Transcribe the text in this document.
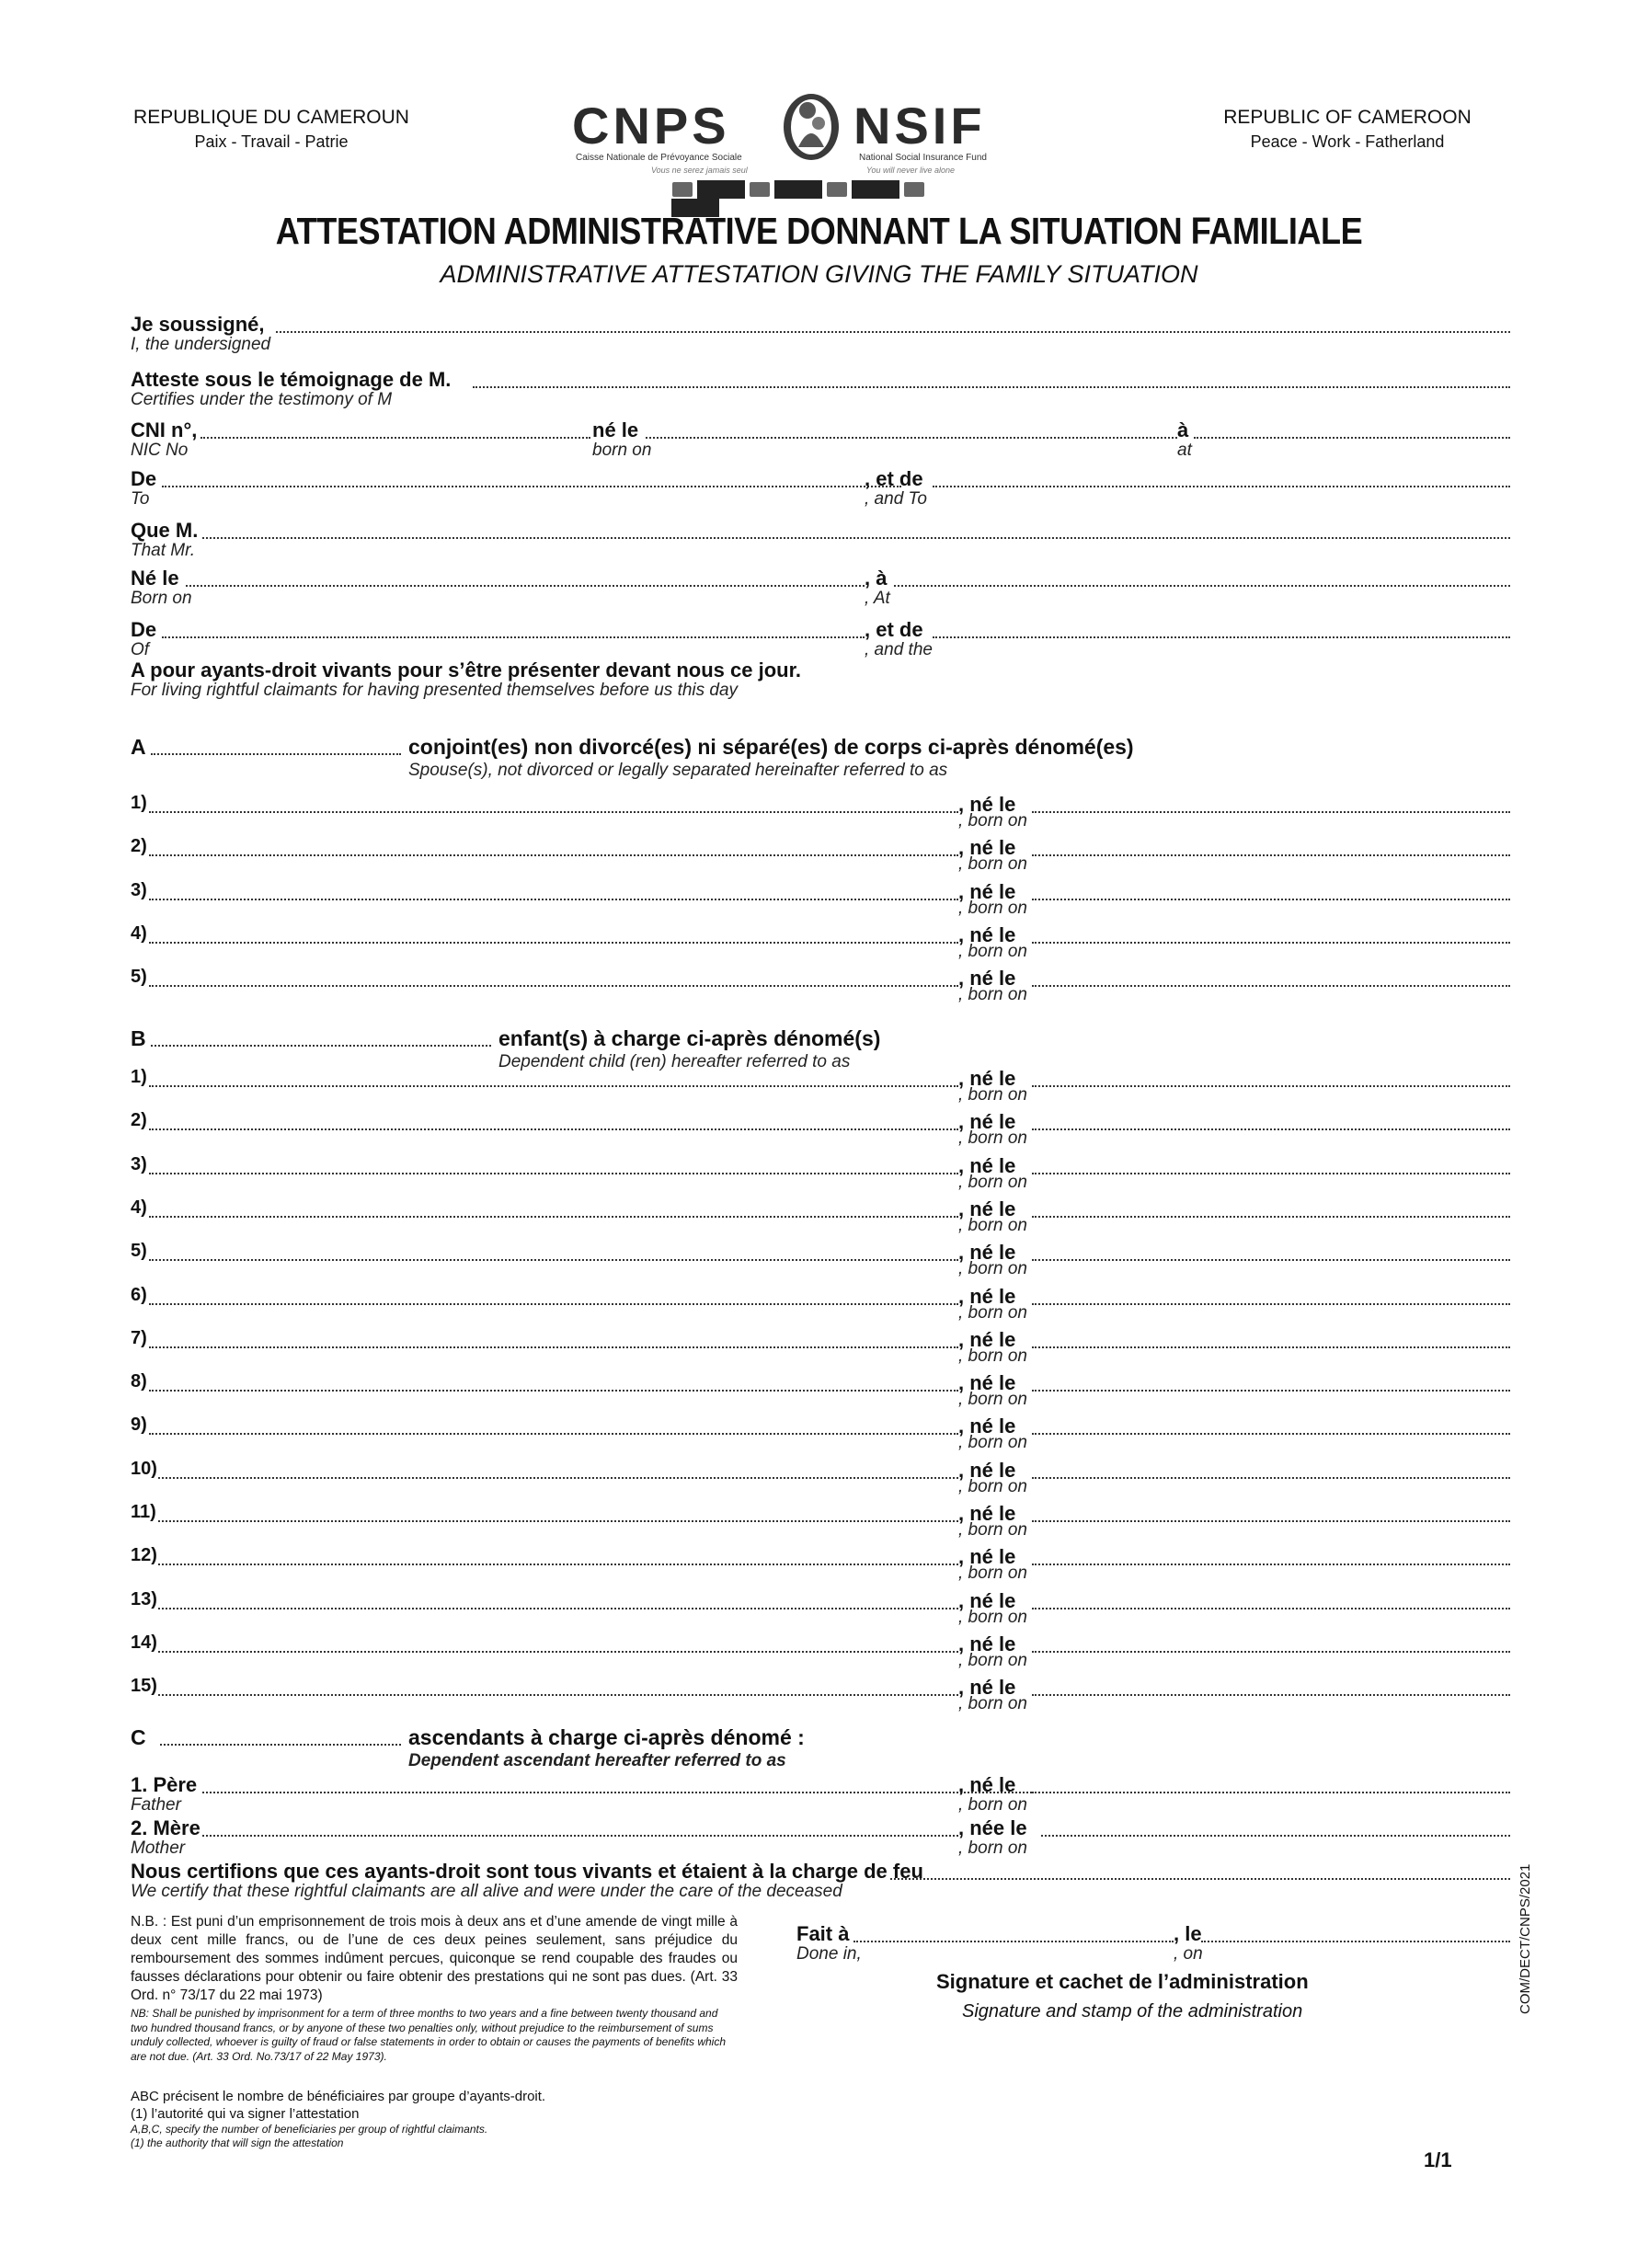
REPUBLIQUE DU CAMEROUN
Paix - Travail - Patrie
REPUBLIC OF CAMEROON
Peace - Work - Fatherland
CNPS NSIF
Caisse Nationale de Prévoyance Sociale	National Social Insurance Fund
Vous ne serez jamais seul	You will never live alone
ATTESTATION ADMINISTRATIVE DONNANT LA SITUATION FAMILIALE
ADMINISTRATIVE ATTESTATION GIVING THE FAMILY SITUATION
Je soussigné,
I, the undersigned
Atteste sous le témoignage de M.
Certifies under the testimony of M
CNI n°,	né le	à
NIC No	born on	at
De	, et de
To	, and To
Que M.
That Mr.
Né le	, à
Born on	, At
De	, et de
Of	, and the
A pour ayants-droit vivants pour s’être présenter devant nous ce jour.
For living rightful claimants for having presented themselves before us this day
1)	, né le
, born on
2)	, né le
, born on
3)	, né le
, born on
4)	, né le
, born on
5)	, né le
, born on
1)	, né le
, born on
2)	, né le
, born on
3)	, né le
, born on
4)	, né le
, born on
5)	, né le
, born on
6)	, né le
, born on
7)	, né le
, born on
8)	, né le
, born on
9)	, né le
, born on
10)	, né le
, born on
11)	, né le
, born on
12)	, né le
, born on
13)	, né le
, born on
14)	, né le
, born on
15)	, né le
, born on
A	conjoint(es) non divorcé(es) ni séparé(es) de corps ci-après dénomé(es)
Spouse(s), not divorced or legally separated hereinafter referred to as
B	enfant(s) à charge ci-après dénomé(s)
Dependent child (ren) hereafter referred to as
C	ascendants à charge ci-après dénomé :
Dependent ascendant hereafter referred to as
1. Père	, né le
Father	, born on
2. Mère	, née le
Mother	, born on
Nous certifions que ces ayants-droit sont tous vivants et étaient à la charge de feu
We certify that these rightful claimants are all alive and were under the care of the deceased
N.B. : Est puni d’un emprisonnement de trois mois à deux ans et d’une amende de vingt mille à deux cent mille francs, ou de l’une de ces deux peines seulement, sans préjudice du remboursement des sommes indûment percues, quiconque se rend coupable des fraudes ou fausses déclarations pour obtenir ou faire obtenir des prestations qui ne sont pas dues. (Art. 33 Ord. n° 73/17 du 22 mai 1973)
NB: Shall be punished by imprisonment for a term of three months to two years and a fine between twenty thousand and two hundred thousand francs, or by anyone of these two penalties only, without prejudice to the reimbursement of sums unduly collected, whoever is guilty of fraud or false statements in order to obtain or causes the payments of benefits which are not due. (Art. 33 Ord. No.73/17 of 22 May 1973).
Fait à	, le
Done in,	, on
Signature et cachet de l’administration
Signature and stamp of the administration
ABC précisent le nombre de bénéficiaires par groupe d’ayants-droit.
(1) l’autorité qui va signer l’attestation
A,B,C, specify the number of beneficiaries per group of rightful claimants.
(1) the authority that will sign the attestation
COM/DECT/CNPS/2021
1/1
